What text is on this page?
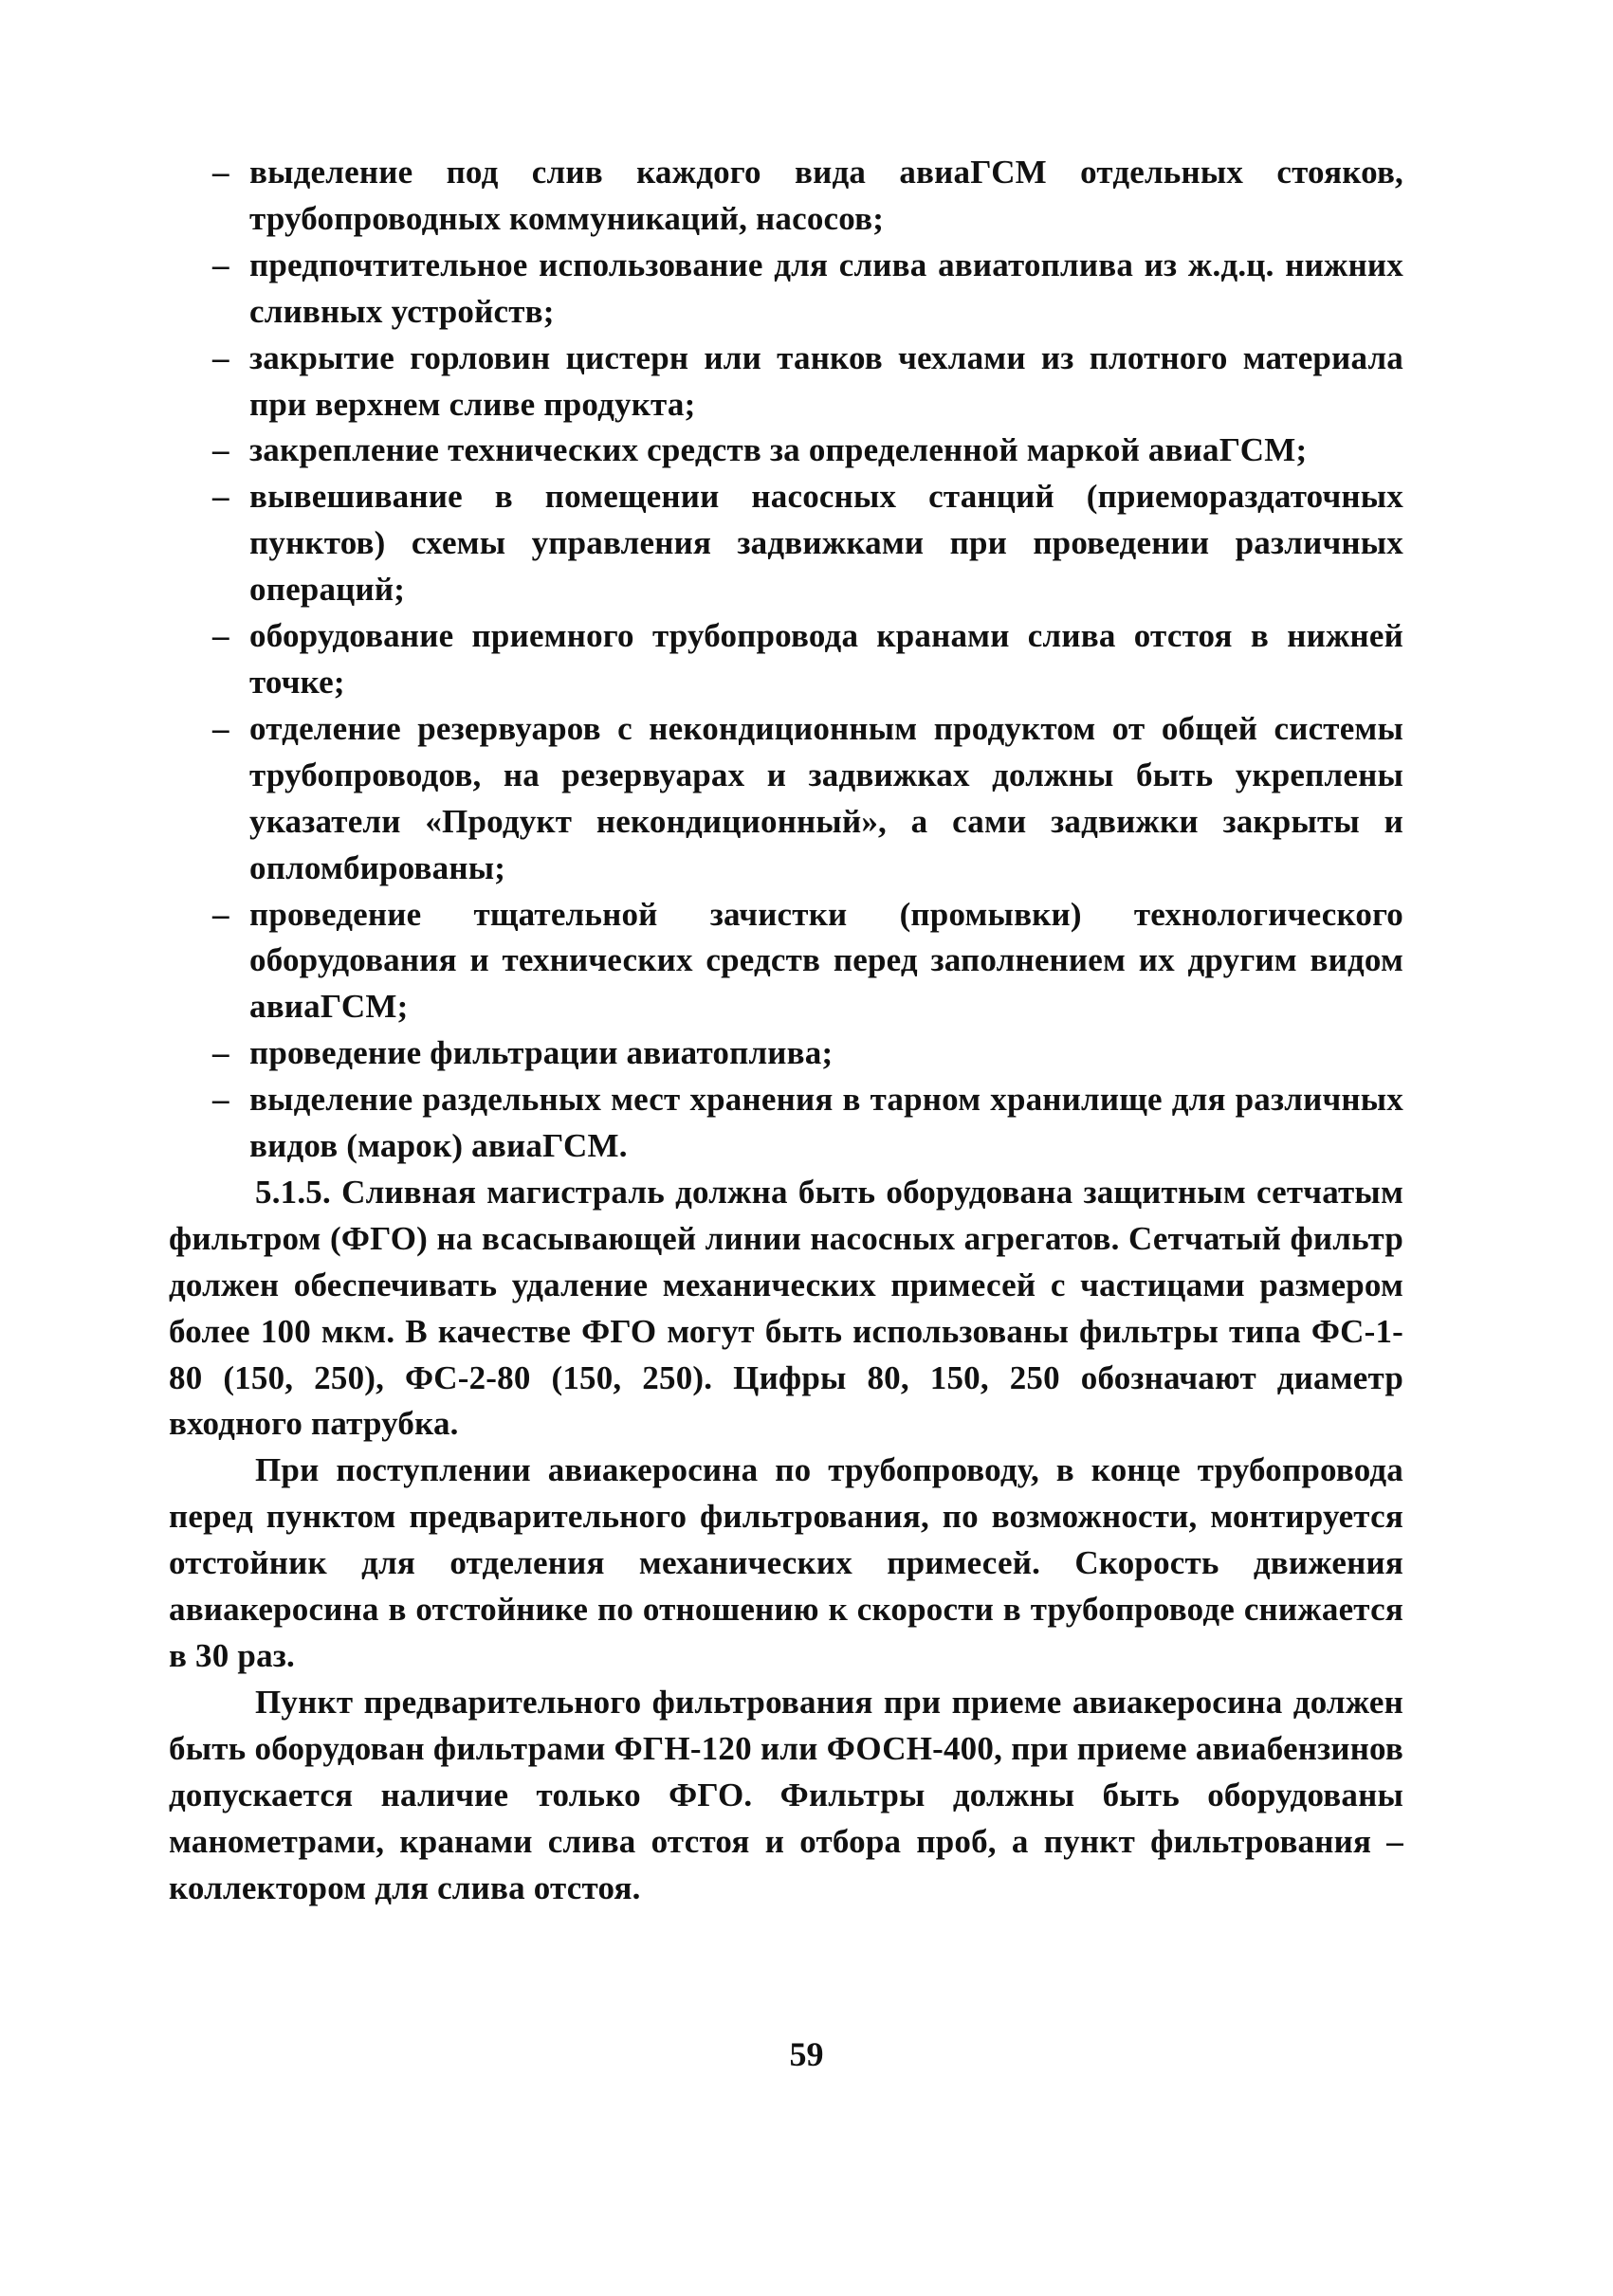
– выделение под слив каждого вида авиаГСМ отдельных стояков, трубопроводных коммуникаций, насосов;
– предпочтительное использование для слива авиатоплива из ж.д.ц. нижних сливных устройств;
– закрытие горловин цистерн или танков чехлами из плотного материала при верхнем сливе продукта;
– закрепление технических средств за определенной маркой авиаГСМ;
– вывешивание в помещении насосных станций (приемораздаточных пунктов) схемы управления задвижками при проведении различных операций;
– оборудование приемного трубопровода кранами слива отстоя в нижней точке;
– отделение резервуаров с некондиционным продуктом от общей системы трубопроводов, на резервуарах и задвижках должны быть укреплены указатели «Продукт некондиционный», а сами задвижки закрыты и опломбированы;
– проведение тщательной зачистки (промывки) технологического оборудования и технических средств перед заполнением их другим видом авиаГСМ;
– проведение фильтрации авиатоплива;
– выделение раздельных мест хранения в тарном хранилище для различных видов (марок) авиаГСМ.

5.1.5. Сливная магистраль должна быть оборудована защитным сетчатым фильтром (ФГО) на всасывающей линии насосных агрегатов. Сетчатый фильтр должен обеспечивать удаление механических примесей с частицами размером более 100 мкм. В качестве ФГО могут быть использованы фильтры типа ФС-1-80 (150, 250), ФС-2-80 (150, 250). Цифры 80, 150, 250 обозначают диаметр входного патрубка.

При поступлении авиакеросина по трубопроводу, в конце трубопровода перед пунктом предварительного фильтрования, по возможности, монтируется отстойник для отделения механических примесей. Скорость движения авиакеросина в отстойнике по отношению к скорости в трубопроводе снижается в 30 раз.

Пункт предварительного фильтрования при приеме авиакеросина должен быть оборудован фильтрами ФГН-120 или ФОСН-400, при приеме авиабензинов допускается наличие только ФГО. Фильтры должны быть оборудованы манометрами, кранами слива отстоя и отбора проб, а пункт фильтрования – коллектором для слива отстоя.

59
